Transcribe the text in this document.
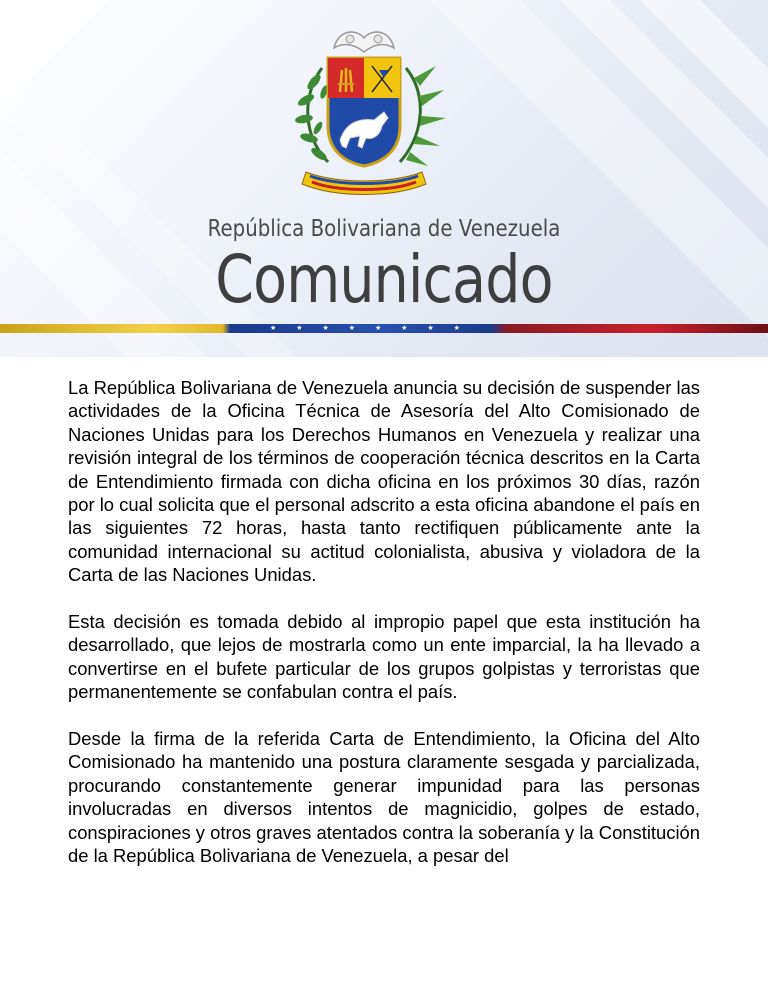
República Bolivariana de Venezuela
Comunicado
★	★	★	★	★	★	★	★

La República Bolivariana de Venezuela anuncia su decisión de suspender las actividades de la Oficina Técnica de Asesoría del Alto Comisionado de Naciones Unidas para los Derechos Humanos en Venezuela y realizar una revisión integral de los términos de cooperación técnica descritos en la Carta de Entendimiento firmada con dicha oficina en los próximos 30 días, razón por lo cual solicita que el personal adscrito a esta oficina abandone el país en las siguientes 72 horas, hasta tanto rectifiquen públicamente ante la comunidad internacional su actitud colonialista, abusiva y violadora de la Carta de las Naciones Unidas.

Esta decisión es tomada debido al impropio papel que esta institución ha desarrollado, que lejos de mostrarla como un ente imparcial, la ha llevado a convertirse en el bufete particular de los grupos golpistas y terroristas que permanentemente se confabulan contra el país.

Desde la firma de la referida Carta de Entendimiento, la Oficina del Alto Comisionado ha mantenido una postura claramente sesgada y parcializada, procurando constantemente generar impunidad para las personas involucradas en diversos intentos de magnicidio, golpes de estado, conspiraciones y otros graves atentados contra la soberanía y la Constitución de la República Bolivariana de Venezuela, a pesar del
